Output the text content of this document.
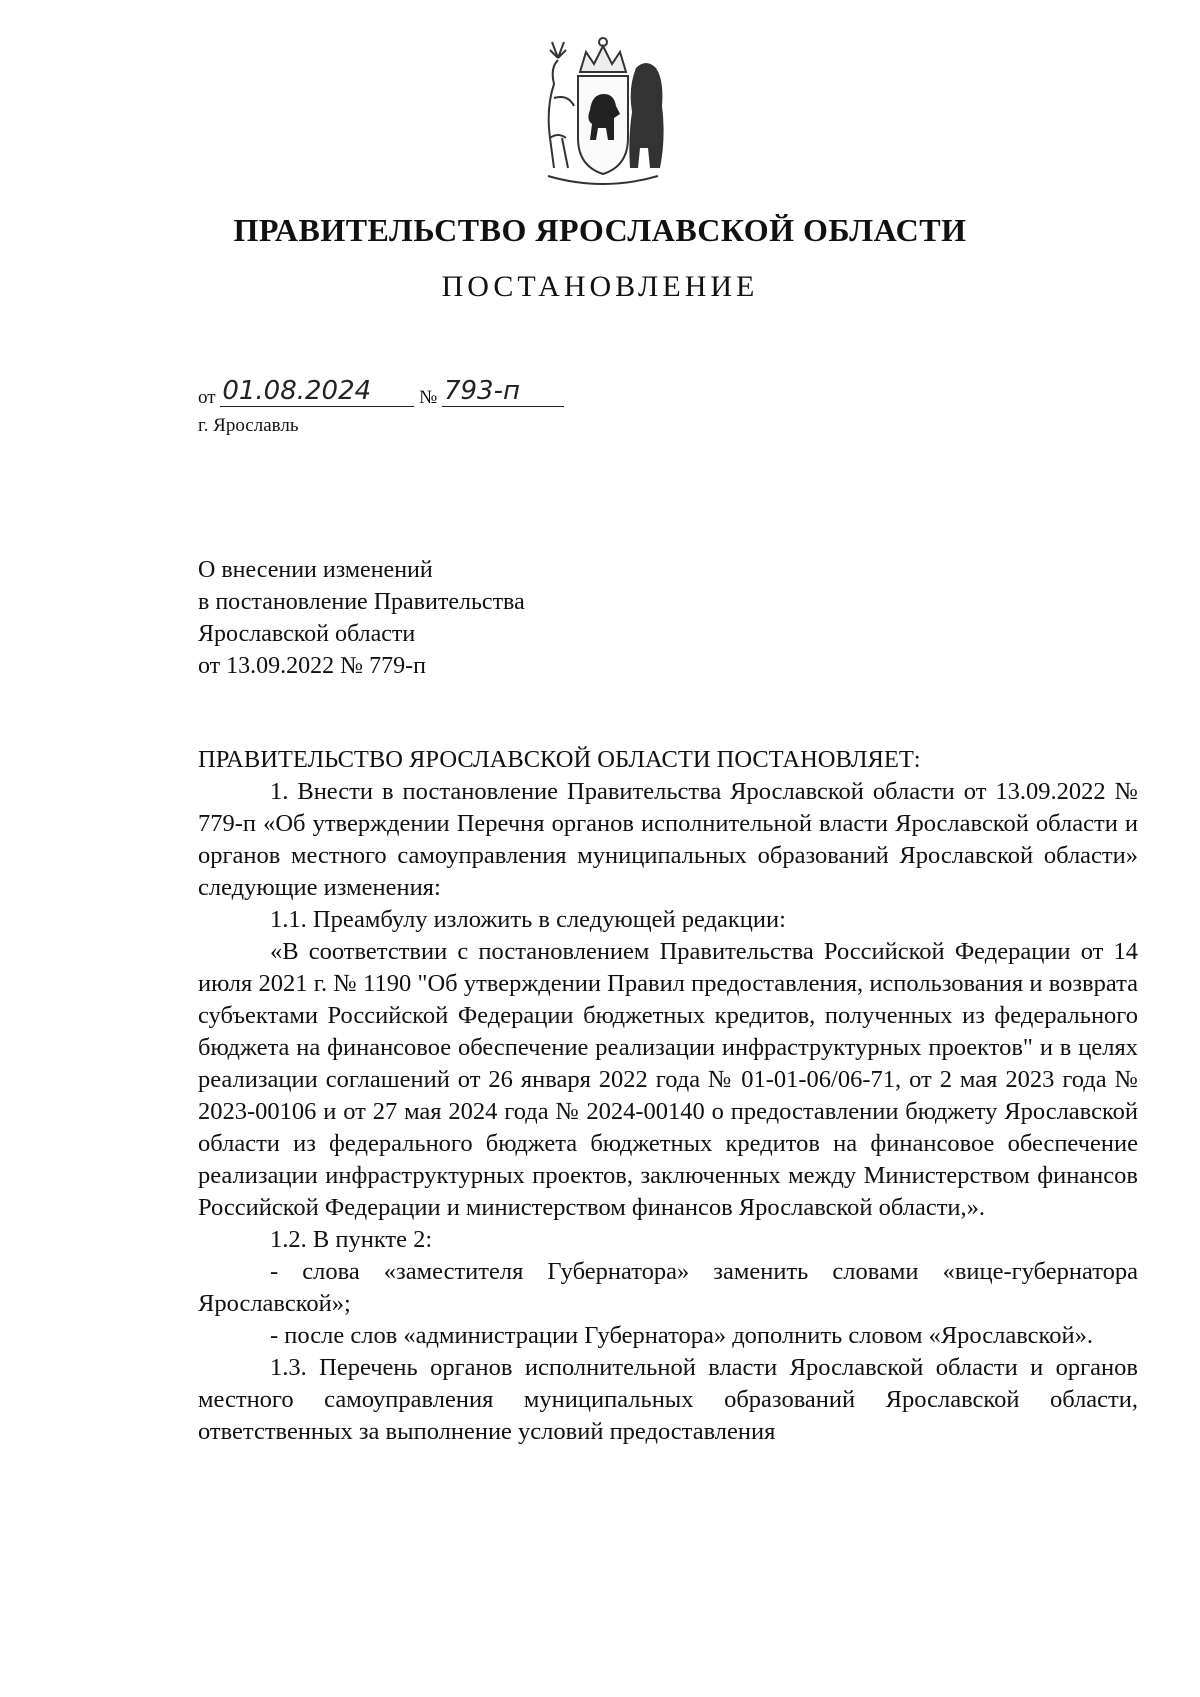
ПРАВИТЕЛЬСТВО ЯРОСЛАВСКОЙ ОБЛАСТИ
ПОСТАНОВЛЕНИЕ
от 01.08.2024	№ 793-п
г. Ярославль
О внесении изменений
в постановление Правительства
Ярославской области
от 13.09.2022 № 779-п

ПРАВИТЕЛЬСТВО ЯРОСЛАВСКОЙ ОБЛАСТИ ПОСТАНОВЛЯЕТ:

1. Внести в постановление Правительства Ярославской области от 13.09.2022 № 779-п «Об утверждении Перечня органов исполнительной власти Ярославской области и органов местного самоуправления муниципальных образований Ярославской области» следующие изменения:

1.1. Преамбулу изложить в следующей редакции:

«В соответствии с постановлением Правительства Российской Федерации от 14 июля 2021 г. № 1190 "Об утверждении Правил предоставления, использования и возврата субъектами Российской Федерации бюджетных кредитов, полученных из федерального бюджета на финансовое обеспечение реализации инфраструктурных проектов" и в целях реализации соглашений от 26 января 2022 года № 01-01-06/06-71, от 2 мая 2023 года № 2023-00106 и от 27 мая 2024 года № 2024-00140 о предоставлении бюджету Ярославской области из федерального бюджета бюджетных кредитов на финансовое обеспечение реализации инфраструктурных проектов, заключенных между Министерством финансов Российской Федерации и министерством финансов Ярославской области,».

1.2. В пункте 2:

- слова «заместителя Губернатора» заменить словами «вице-губернатора Ярославской»;

- после слов «администрации Губернатора» дополнить словом «Ярославской».

1.3. Перечень органов исполнительной власти Ярославской области и органов местного самоуправления муниципальных образований Ярославской области, ответственных за выполнение условий предоставления
